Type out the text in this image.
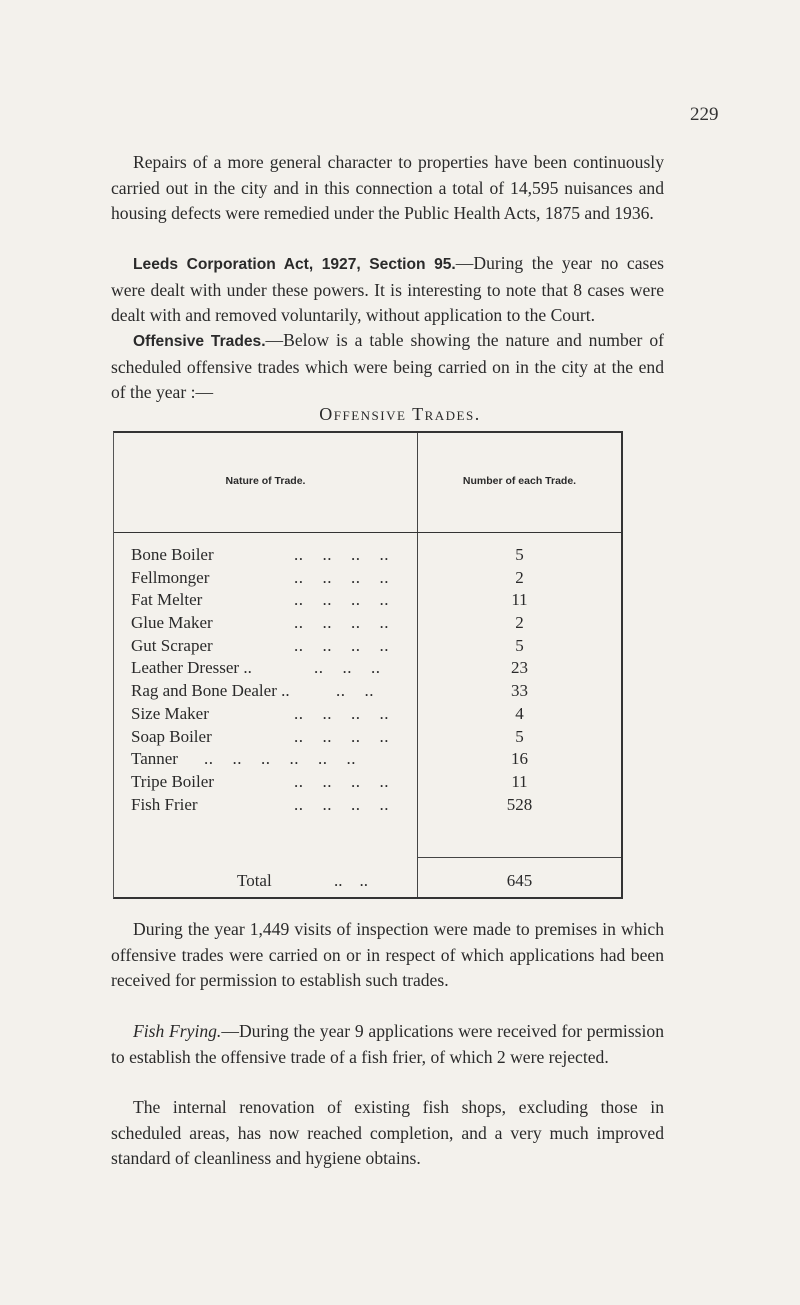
229

Repairs of a more general character to properties have been continuously carried out in the city and in this connection a total of 14,595 nuisances and housing defects were remedied under the Public Health Acts, 1875 and 1936.

Leeds Corporation Act, 1927, Section 95.—During the year no cases were dealt with under these powers. It is interesting to note that 8 cases were dealt with and removed voluntarily, without application to the Court.

Offensive Trades.—Below is a table showing the nature and number of scheduled offensive trades which were being carried on in the city at the end of the year :—

Offensive Trades.
Nature of Trade.	Number of each Trade.
Bone Boiler	..    ..    ..    ..	5
Fellmonger	..    ..    ..    ..	2
Fat Melter	..    ..    ..    ..	11
Glue Maker	..    ..    ..    ..	2
Gut Scraper	..    ..    ..    ..	5
Leather Dresser ..	..    ..    ..	23
Rag and Bone Dealer ..	..    ..	33
Size Maker	..    ..    ..    ..	4
Soap Boiler	..    ..    ..    ..	5
Tanner ..    ..    ..    ..    ..    ..	16
Tripe Boiler	..    ..    ..    ..	11
Fish Frier	..    ..    ..    ..	528
Total	..    ..	645

During the year 1,449 visits of inspection were made to premises in which offensive trades were carried on or in respect of which applications had been received for permission to establish such trades.

Fish Frying.—During the year 9 applications were received for permission to establish the offensive trade of a fish frier, of which 2 were rejected.

The internal renovation of existing fish shops, excluding those in scheduled areas, has now reached completion, and a very much improved standard of cleanliness and hygiene obtains.
